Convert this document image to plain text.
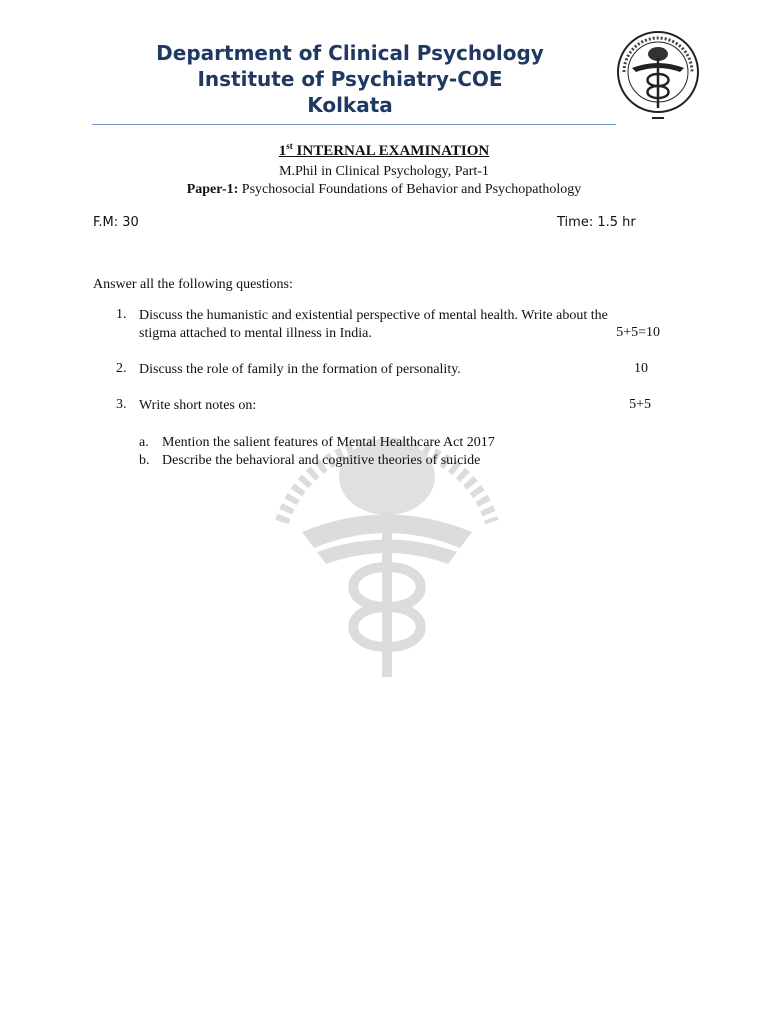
Department of Clinical Psychology
Institute of Psychiatry-COE
Kolkata
1st INTERNAL EXAMINATION
M.Phil in Clinical Psychology, Part-1
Paper-1: Psychosocial Foundations of Behavior and Psychopathology
F.M: 30	Time: 1.5 hr
Answer all the following questions:
1. Discuss the humanistic and existential perspective of mental health. Write about the
stigma attached to mental illness in India.	5+5=10
2. Discuss the role of family in the formation of personality.	10
3. Write short notes on:	5+5
a. Mention the salient features of Mental Healthcare Act 2017
b. Describe the behavioral and cognitive theories of suicide
